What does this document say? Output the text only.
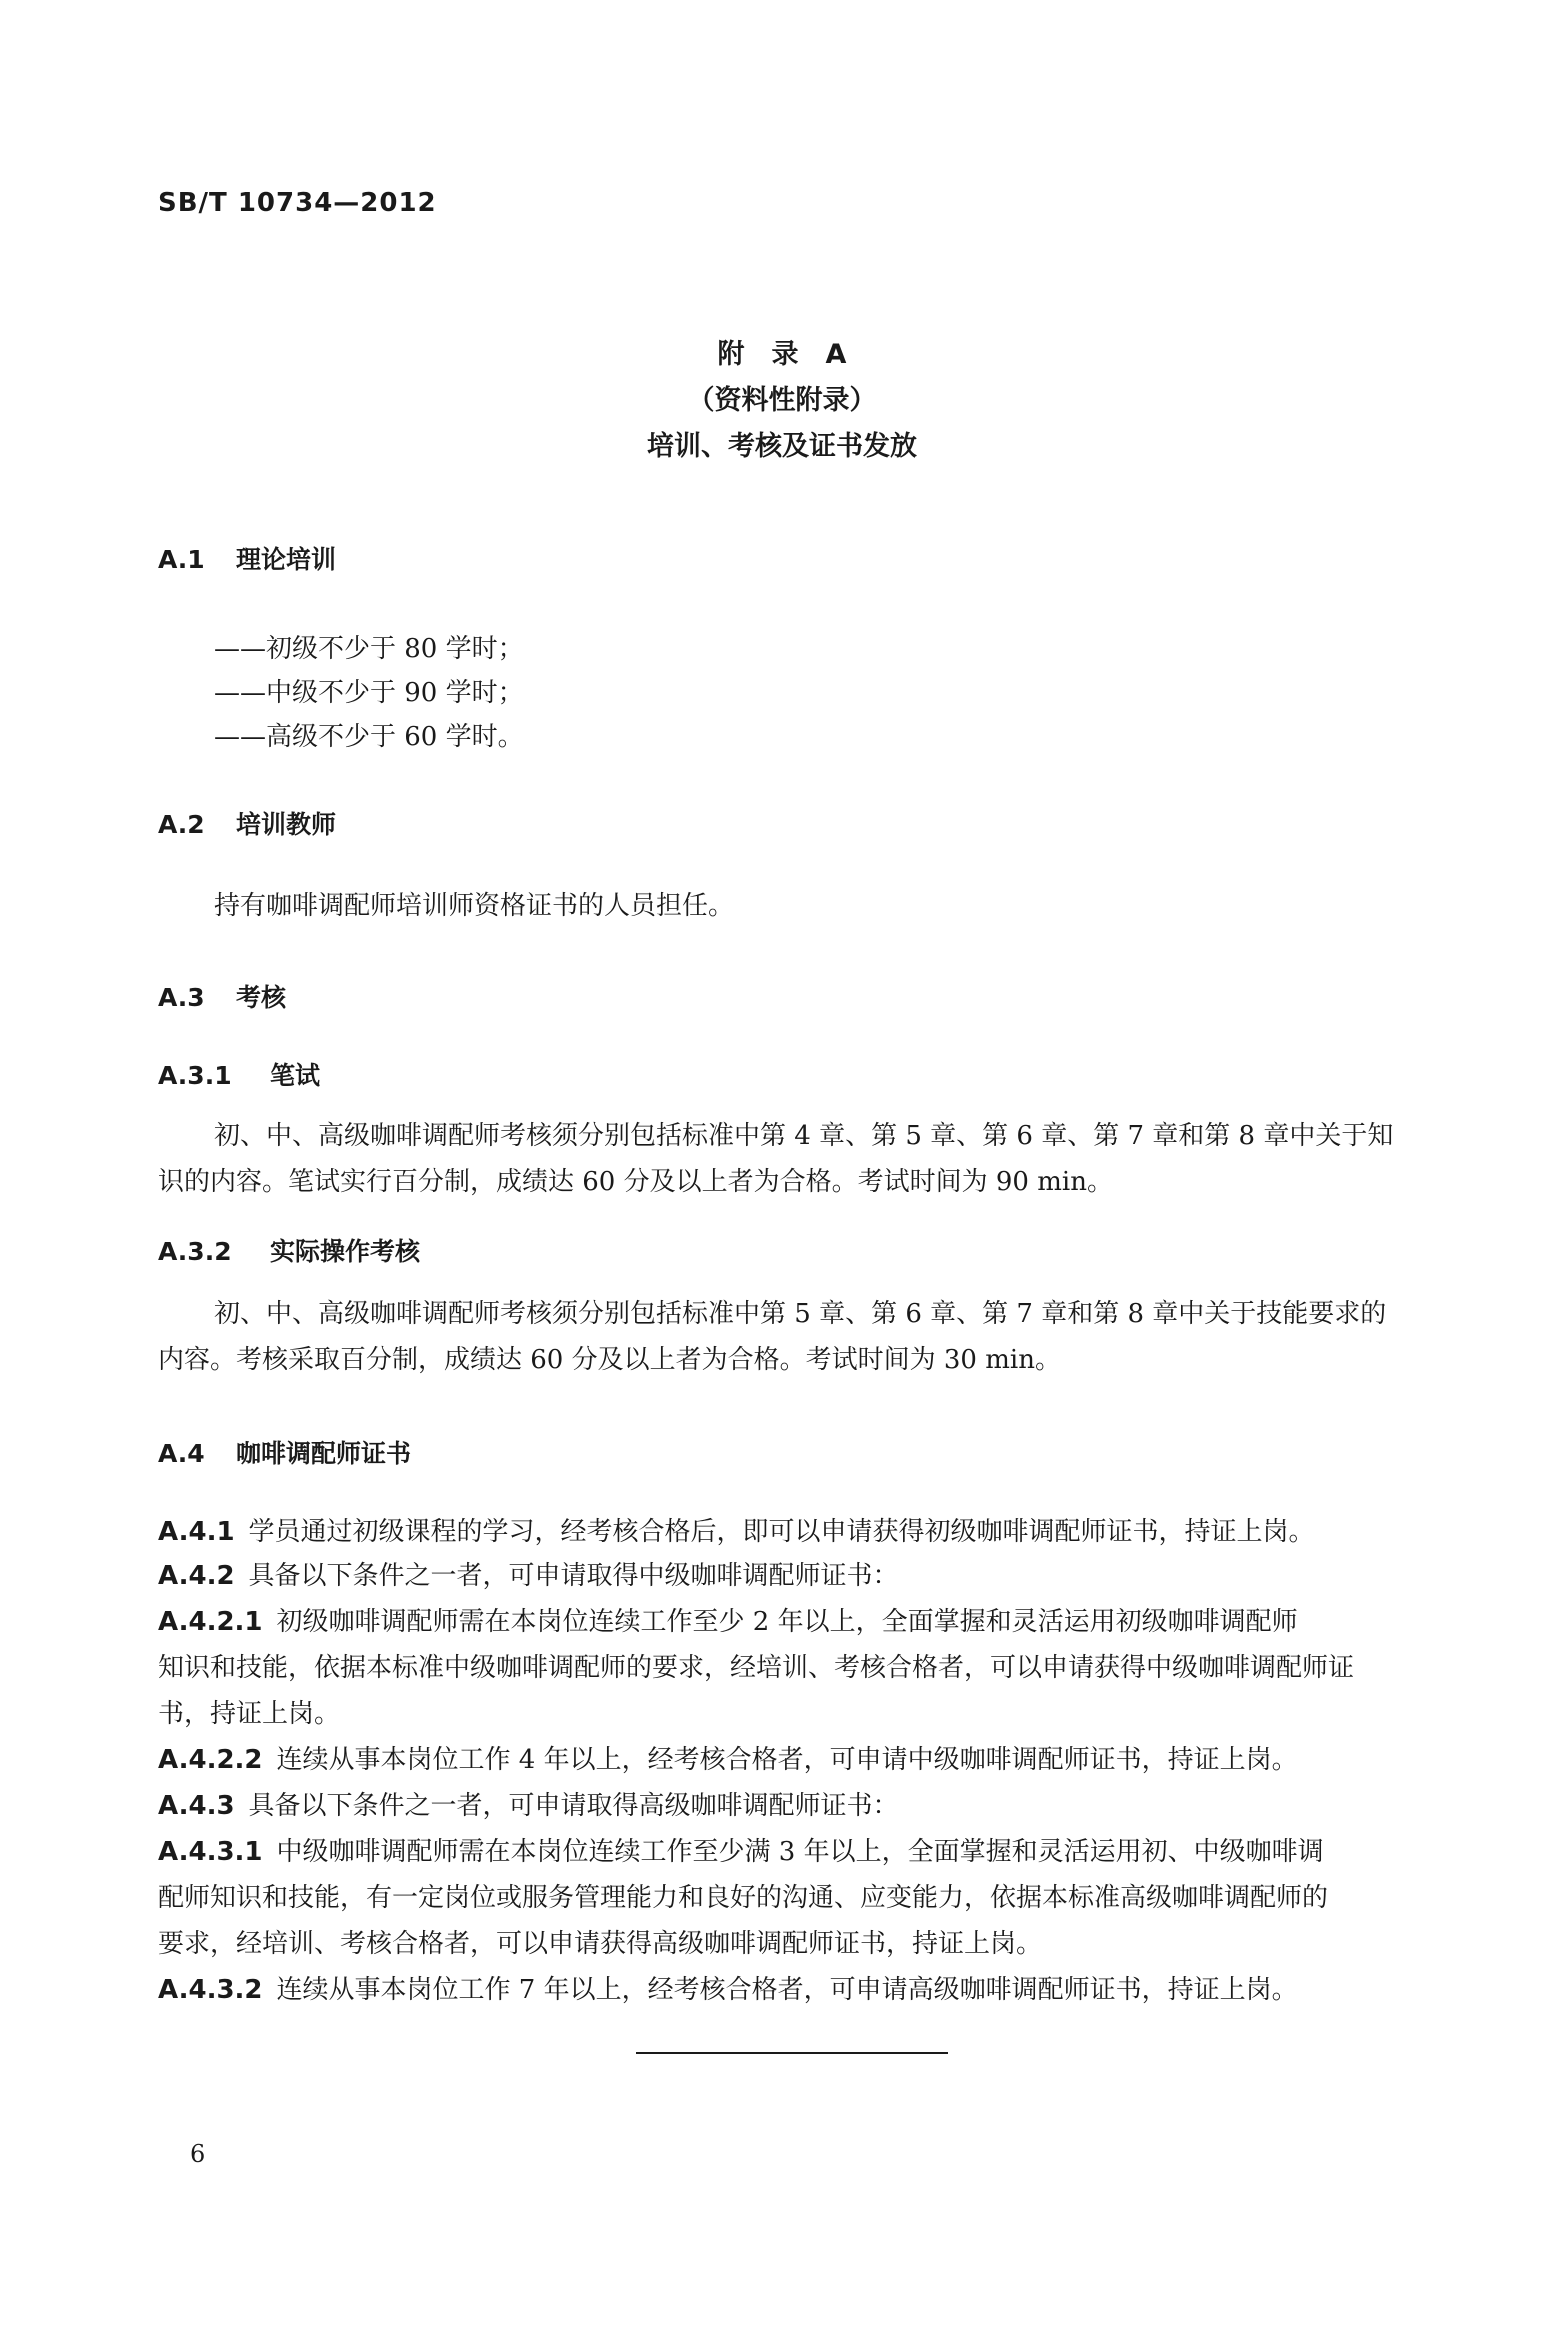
SB/T 10734—2012
附　录　A
（资料性附录）
培训、考核及证书发放
A.1 理论培训
——初级不少于 80 学时；
——中级不少于 90 学时；
——高级不少于 60 学时。
A.2 培训教师
持有咖啡调配师培训师资格证书的人员担任。
A.3 考核
A.3.1 笔试
初、中、高级咖啡调配师考核须分别包括标准中第 4 章、第 5 章、第 6 章、第 7 章和第 8 章中关于知
识的内容。笔试实行百分制，成绩达 60 分及以上者为合格。考试时间为 90 min。
A.3.2 实际操作考核
初、中、高级咖啡调配师考核须分别包括标准中第 5 章、第 6 章、第 7 章和第 8 章中关于技能要求的
内容。考核采取百分制，成绩达 60 分及以上者为合格。考试时间为 30 min。
A.4 咖啡调配师证书
A.4.1 学员通过初级课程的学习，经考核合格后，即可以申请获得初级咖啡调配师证书，持证上岗。
A.4.2 具备以下条件之一者，可申请取得中级咖啡调配师证书：
A.4.2.1 初级咖啡调配师需在本岗位连续工作至少 2 年以上，全面掌握和灵活运用初级咖啡调配师
知识和技能，依据本标准中级咖啡调配师的要求，经培训、考核合格者，可以申请获得中级咖啡调配师证
书，持证上岗。
A.4.2.2 连续从事本岗位工作 4 年以上，经考核合格者，可申请中级咖啡调配师证书，持证上岗。
A.4.3 具备以下条件之一者，可申请取得高级咖啡调配师证书：
A.4.3.1 中级咖啡调配师需在本岗位连续工作至少满 3 年以上，全面掌握和灵活运用初、中级咖啡调
配师知识和技能，有一定岗位或服务管理能力和良好的沟通、应变能力，依据本标准高级咖啡调配师的
要求，经培训、考核合格者，可以申请获得高级咖啡调配师证书，持证上岗。
A.4.3.2 连续从事本岗位工作 7 年以上，经考核合格者，可申请高级咖啡调配师证书，持证上岗。
6
